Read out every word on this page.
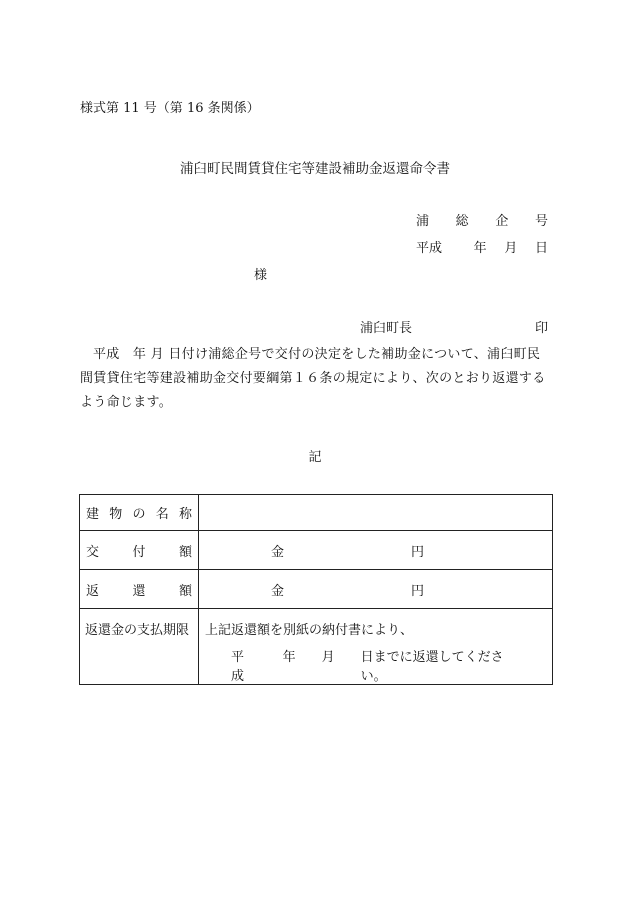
様式第 11 号（第 16 条関係）
浦臼町民間賃貸住宅等建設補助金返還命令書
浦 総 企 号
平成 年 月 日
様
浦臼町長	印
平成　年 月 日付け浦総企号で交付の決定をした補助金について、浦臼町民間賃貸住宅等建設補助金交付要綱第１６条の規定により、次のとおり返還するよう命じます。
記
建 物 の 名 称	

交 付 額	金 円

返 還 額	金 円

返還金の支払期限	上記返還額を別紙の納付書により、
平成
年 月 日までに返還してください。
